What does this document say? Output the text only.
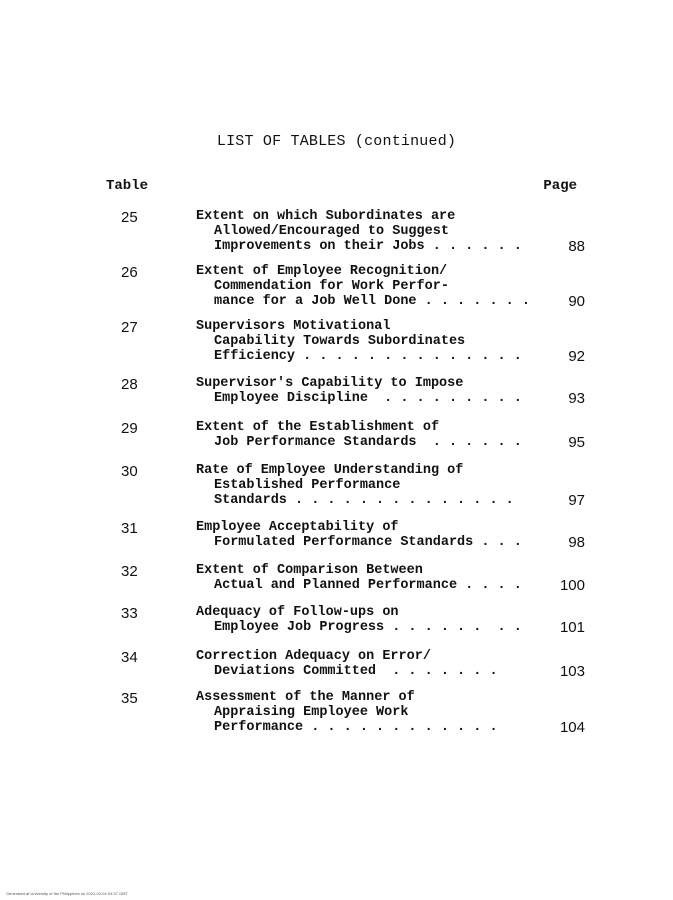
LIST OF TABLES (continued)
Table	Page
25	Extent on which Subordinates are
Allowed/Encouraged to Suggest
Improvements on their Jobs . . . . . .	88
26	Extent of Employee Recognition/
Commendation for Work Perfor-
mance for a Job Well Done . . . . . . .	90
27	Supervisors Motivational
Capability Towards Subordinates
Efficiency . . . . . . . . . . . . . .	92
28	Supervisor's Capability to Impose
Employee Discipline  . . . . . . . . .	93
29	Extent of the Establishment of
Job Performance Standards  . . . . . .	95
30	Rate of Employee Understanding of
Established Performance
Standards . . . . . . . . . . . . . .	97
31	Employee Acceptability of
Formulated Performance Standards . . .	98
32	Extent of Comparison Between
Actual and Planned Performance . . . .	100
33	Adequacy of Follow-ups on
Employee Job Progress . . . . . .  . .	101
34	Correction Adequacy on Error/
Deviations Committed  . . . . . . .	103
35	Assessment of the Manner of
Appraising Employee Work
Performance . . . . . . . . . . . .	104
Generated at University of the Philippines on 2021-02-04 04:37 GMT
